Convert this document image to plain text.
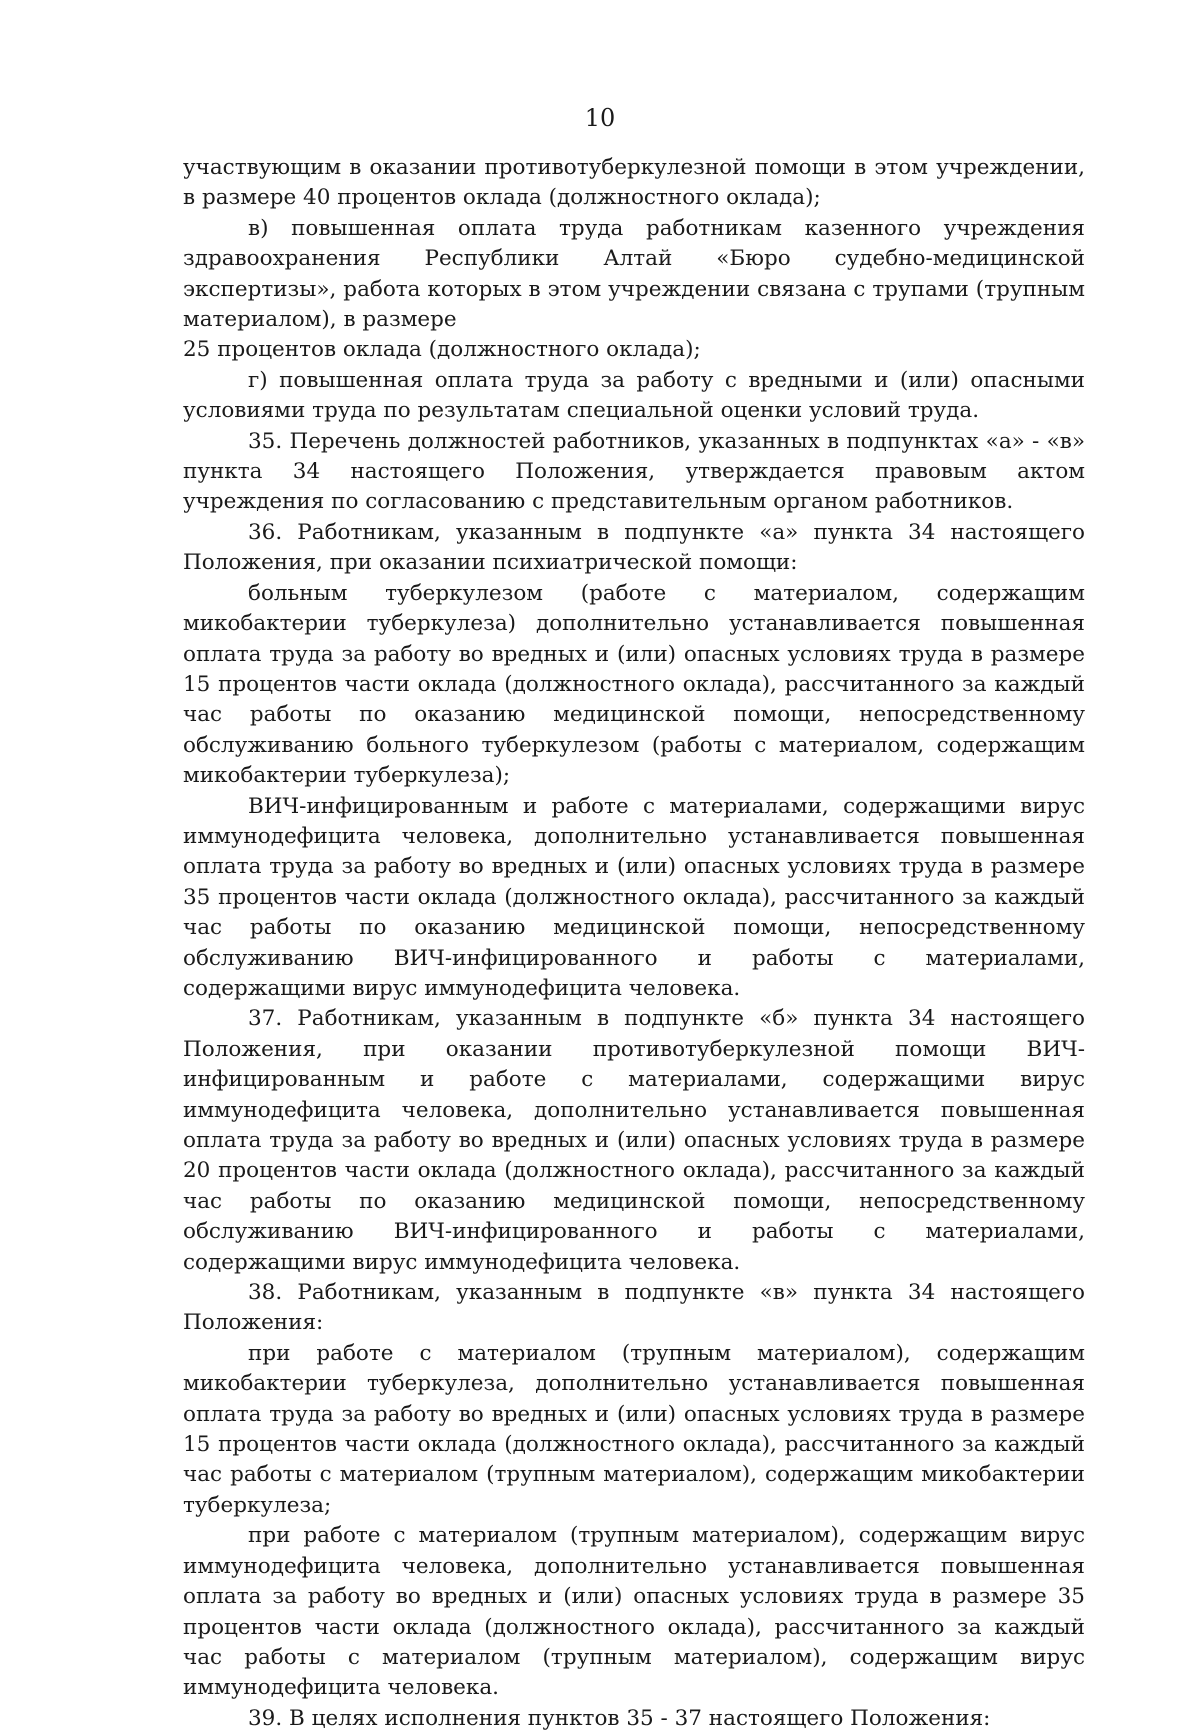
10

участвующим в оказании противотуберкулезной помощи в этом учреждении, в размере 40 процентов оклада (должностного оклада);

в) повышенная оплата труда работникам казенного учреждения здравоохранения Республики Алтай «Бюро судебно-медицинской экспертизы», работа которых в этом учреждении связана с трупами (трупным материалом), в размере

25 процентов оклада (должностного оклада);

г) повышенная оплата труда за работу с вредными и (или) опасными условиями труда по результатам специальной оценки условий труда.

35. Перечень должностей работников, указанных в подпунктах «а» - «в» пункта 34 настоящего Положения, утверждается правовым актом учреждения по согласованию с представительным органом работников.

36. Работникам, указанным в подпункте «а» пункта 34 настоящего Положения, при оказании психиатрической помощи:

больным туберкулезом (работе с материалом, содержащим микобактерии туберкулеза) дополнительно устанавливается повышенная оплата труда за работу во вредных и (или) опасных условиях труда в размере 15 процентов части оклада (должностного оклада), рассчитанного за каждый час работы по оказанию медицинской помощи, непосредственному обслуживанию больного туберкулезом (работы с материалом, содержащим микобактерии туберкулеза);

ВИЧ-инфицированным и работе с материалами, содержащими вирус иммунодефицита человека, дополнительно устанавливается повышенная оплата труда за работу во вредных и (или) опасных условиях труда в размере 35 процентов части оклада (должностного оклада), рассчитанного за каждый час работы по оказанию медицинской помощи, непосредственному обслуживанию ВИЧ-инфицированного и работы с материалами, содержащими вирус иммунодефицита человека.

37. Работникам, указанным в подпункте «б» пункта 34 настоящего Положения, при оказании противотуберкулезной помощи ВИЧ-инфицированным и работе с материалами, содержащими вирус иммунодефицита человека, дополнительно устанавливается повышенная оплата труда за работу во вредных и (или) опасных условиях труда в размере 20 процентов части оклада (должностного оклада), рассчитанного за каждый час работы по оказанию медицинской помощи, непосредственному обслуживанию ВИЧ-инфицированного и работы с материалами, содержащими вирус иммунодефицита человека.

38. Работникам, указанным в подпункте «в» пункта 34 настоящего Положения:

при работе с материалом (трупным материалом), содержащим микобактерии туберкулеза, дополнительно устанавливается повышенная оплата труда за работу во вредных и (или) опасных условиях труда в размере 15 процентов части оклада (должностного оклада), рассчитанного за каждый час работы с материалом (трупным материалом), содержащим микобактерии туберкулеза;

при работе с материалом (трупным материалом), содержащим вирус иммунодефицита человека, дополнительно устанавливается повышенная оплата за работу во вредных и (или) опасных условиях труда в размере 35 процентов части оклада (должностного оклада), рассчитанного за каждый час работы с материалом (трупным материалом), содержащим вирус иммунодефицита человека.

39. В целях исполнения пунктов 35 - 37 настоящего Положения:
